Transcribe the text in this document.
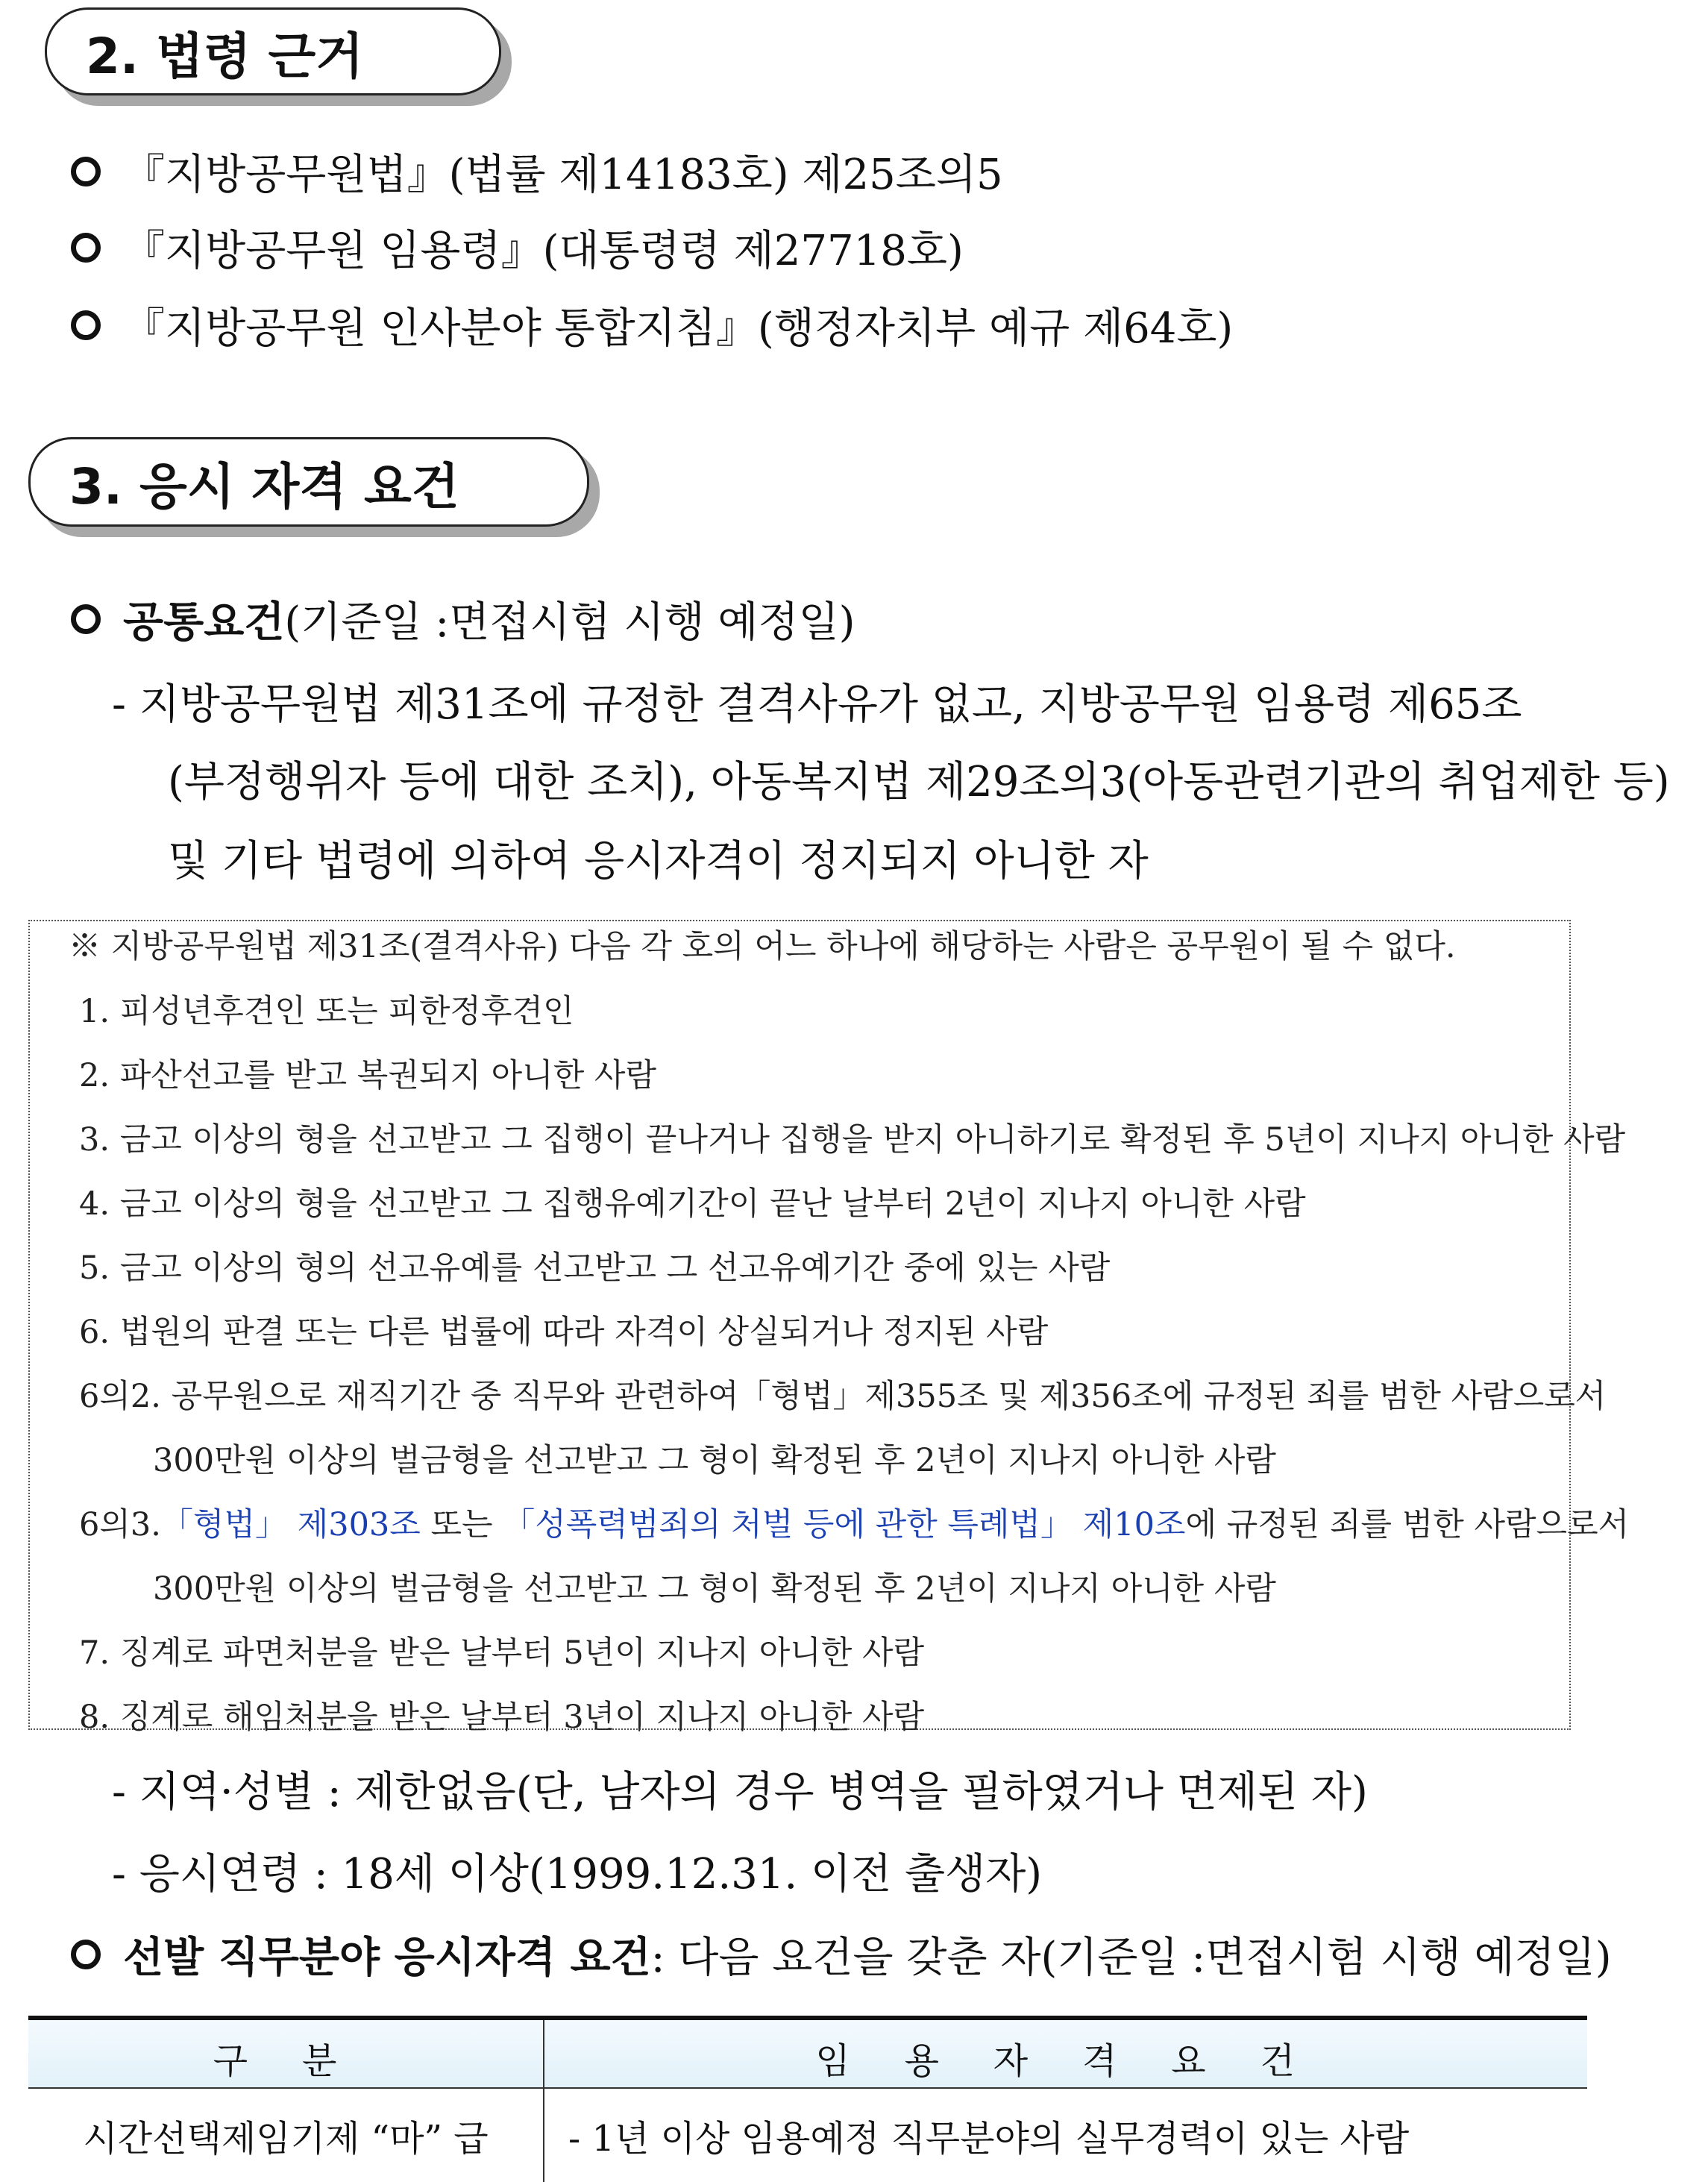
2. 법령 근거
『지방공무원법』(법률 제14183호) 제25조의5
『지방공무원 임용령』(대통령령 제27718호)
『지방공무원 인사분야 통합지침』(행정자치부 예규 제64호)
3. 응시 자격 요건
공통요건 (기준일 :면접시험 시행 예정일)
- 지방공무원법 제31조에 규정한 결격사유가 없고, 지방공무원 임용령 제65조
(부정행위자 등에 대한 조치), 아동복지법 제29조의3(아동관련기관의 취업제한 등)
및 기타 법령에 의하여 응시자격이 정지되지 아니한 자
※ 지방공무원법 제31조(결격사유) 다음 각 호의 어느 하나에 해당하는 사람은 공무원이 될 수 없다.
1. 피성년후견인 또는 피한정후견인
2. 파산선고를 받고 복권되지 아니한 사람
3. 금고 이상의 형을 선고받고 그 집행이 끝나거나 집행을 받지 아니하기로 확정된 후 5년이 지나지 아니한 사람
4. 금고 이상의 형을 선고받고 그 집행유예기간이 끝난 날부터 2년이 지나지 아니한 사람
5. 금고 이상의 형의 선고유예를 선고받고 그 선고유예기간 중에 있는 사람
6. 법원의 판결 또는 다른 법률에 따라 자격이 상실되거나 정지된 사람
6의2. 공무원으로 재직기간 중 직무와 관련하여「형법」제355조 및 제356조에 규정된 죄를 범한 사람으로서
300만원 이상의 벌금형을 선고받고 그 형이 확정된 후 2년이 지나지 아니한 사람
6의3.「형법」 제303조 또는 「성폭력범죄의 처벌 등에 관한 특례법」 제10조에 규정된 죄를 범한 사람으로서
300만원 이상의 벌금형을 선고받고 그 형이 확정된 후 2년이 지나지 아니한 사람
7. 징계로 파면처분을 받은 날부터 5년이 지나지 아니한 사람
8. 징계로 해임처분을 받은 날부터 3년이 지나지 아니한 사람
- 지역·성별 : 제한없음(단, 남자의 경우 병역을 필하였거나 면제된 자)
- 응시연령 : 18세 이상(1999.12.31. 이전 출생자)
선발 직무분야 응시자격 요건 : 다음 요건을 갖춘 자(기준일 :면접시험 시행 예정일)
구 분	임 용 자 격 요 건
시간선택제임기제 “마” 급	- 1년 이상 임용예정 직무분야의 실무경력이 있는 사람
